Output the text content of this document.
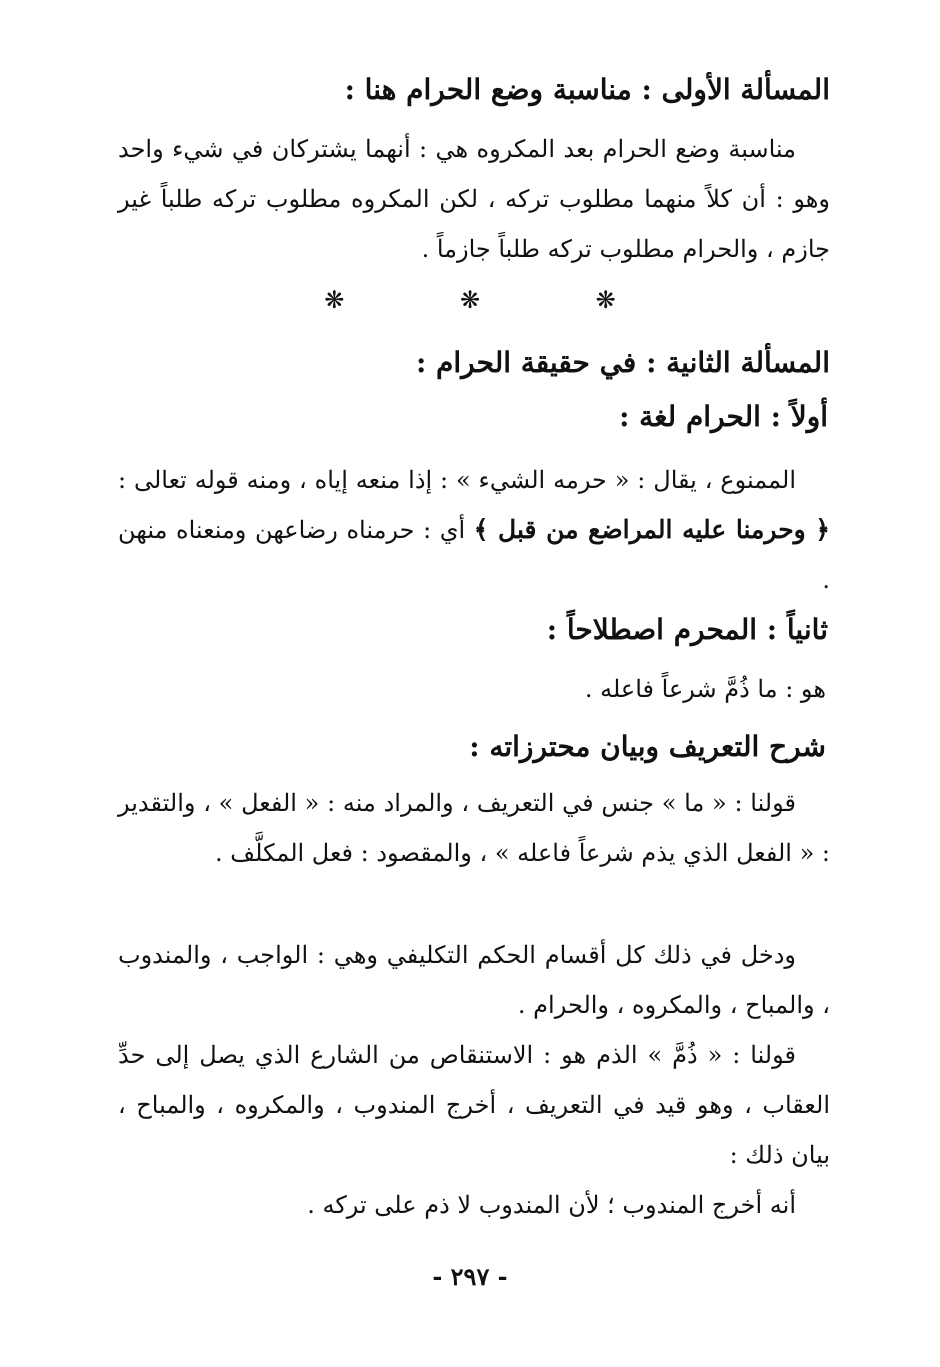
المسألة الأولى : مناسبة وضع الحرام هنا :
مناسبة وضع الحرام بعد المكروه هي : أنهما يشتركان في شيء واحد وهو : أن كلاً منهما مطلوب تركه ، لكن المكروه مطلوب تركه طلباً غير جازم ، والحرام مطلوب تركه طلباً جازماً .
❋ ❋ ❋
المسألة الثانية : في حقيقة الحرام :
أولاً : الحرام لغة :
الممنوع ، يقال : « حرمه الشيء » : إذا منعه إياه ، ومنه قوله تعالى : ﴿ وحرمنا عليه المراضع من قبل ﴾ أي : حرمناه رضاعهن ومنعناه منهن .
ثانياً : المحرم اصطلاحاً :
هو : ما ذُمَّ شرعاً فاعله .
شرح التعريف وبيان محترزاته :
قولنا : « ما » جنس في التعريف ، والمراد منه : « الفعل » ، والتقدير : « الفعل الذي يذم شرعاً فاعله » ، والمقصود : فعل المكلَّف .
ودخل في ذلك كل أقسام الحكم التكليفي وهي : الواجب ، والمندوب ، والمباح ، والمكروه ، والحرام .
قولنا : « ذُمَّ » الذم هو : الاستنقاص من الشارع الذي يصل إلى حدِّ العقاب ، وهو قيد في التعريف ، أخرج المندوب ، والمكروه ، والمباح ، بيان ذلك :
أنه أخرج المندوب ؛ لأن المندوب لا ذم على تركه .
- ٢٩٧ -
